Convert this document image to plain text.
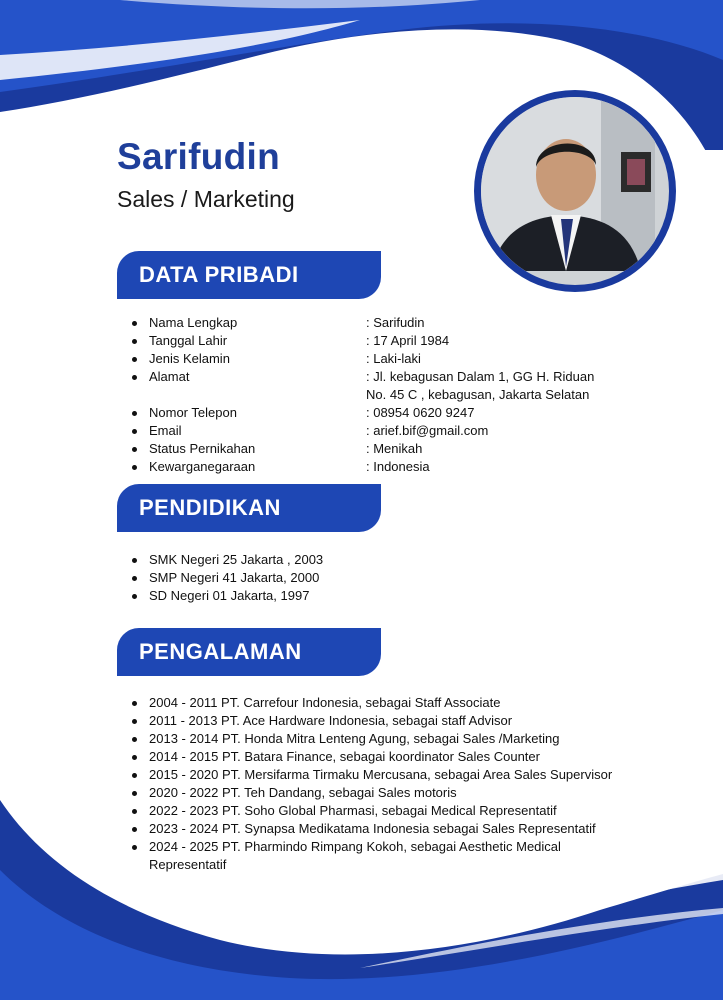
Sarifudin

Sales / Marketing

DATA PRIBADI
Nama Lengkap
Tanggal Lahir
Jenis Kelamin
Alamat
Nomor Telepon
Email
Status Pernikahan
Kewarganegaraan
: Sarifudin
: 17 April 1984
: Laki-laki
: Jl. kebagusan Dalam 1, GG H. Riduan
No. 45 C , kebagusan, Jakarta Selatan
: 08954 0620 9247
: arief.bif@gmail.com
: Menikah
: Indonesia
PENDIDIKAN
SMK Negeri 25 Jakarta , 2003
SMP Negeri 41 Jakarta, 2000
SD Negeri 01 Jakarta, 1997
PENGALAMAN
2004 - 2011 PT. Carrefour Indonesia, sebagai Staff Associate
2011 - 2013 PT. Ace Hardware Indonesia, sebagai staff Advisor
2013 - 2014 PT. Honda Mitra Lenteng Agung, sebagai Sales /Marketing
2014 - 2015 PT. Batara Finance, sebagai koordinator Sales Counter
2015 - 2020 PT. Mersifarma Tirmaku Mercusana, sebagai Area Sales Supervisor
2020 - 2022 PT. Teh Dandang, sebagai Sales motoris
2022 - 2023 PT. Soho Global Pharmasi, sebagai Medical Representatif
2023 - 2024 PT. Synapsa Medikatama Indonesia sebagai Sales Representatif
2024 - 2025 PT. Pharmindo Rimpang Kokoh, sebagai Aesthetic Medical Representatif
